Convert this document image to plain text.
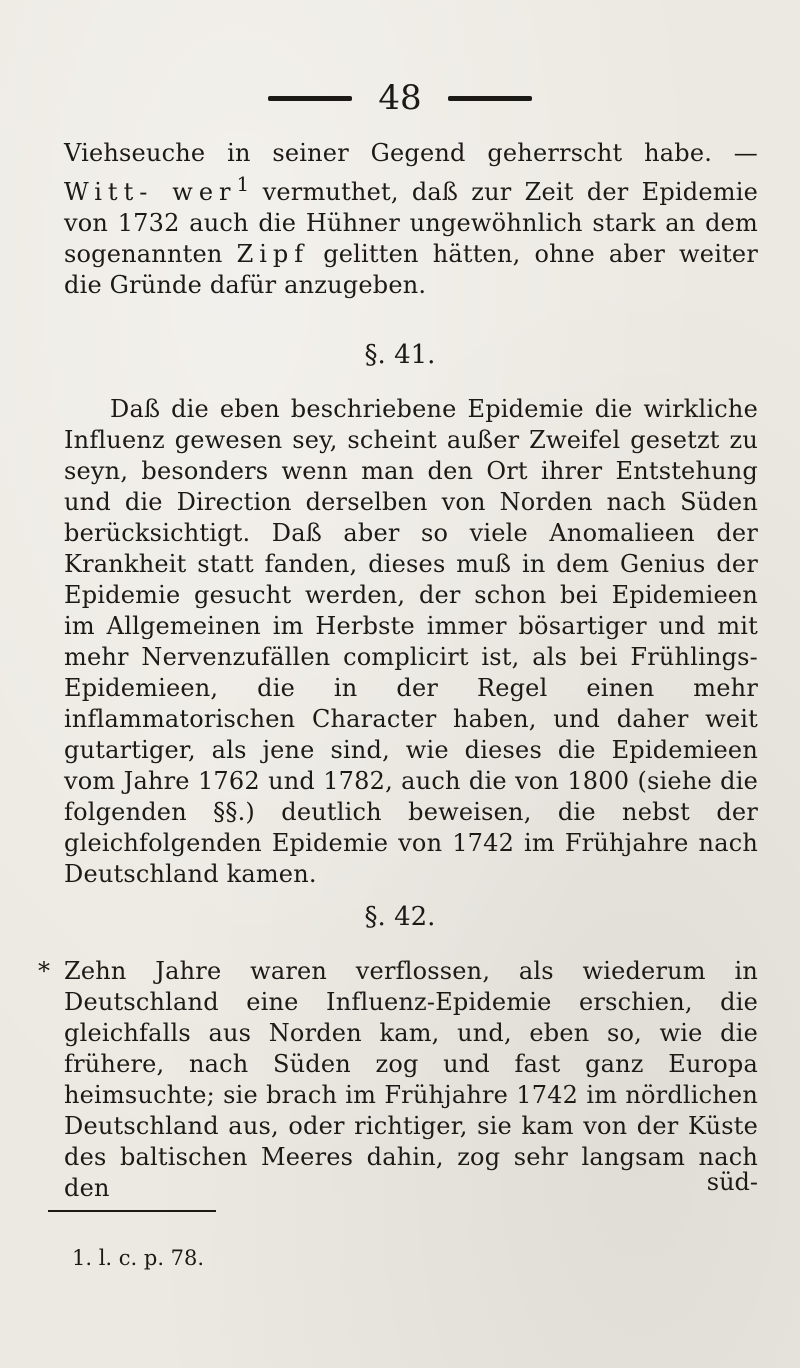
48

Viehseuche in seiner Gegend geherrscht habe. — Witt- wer$^1$ vermuthet, daß zur Zeit der Epidemie von 1732 auch die Hühner ungewöhnlich stark an dem sogenannten Zipf gelitten hätten, ohne aber weiter die Gründe dafür anzugeben.

§. 41.

Daß die eben beschriebene Epidemie die wirkliche Influenz gewesen sey, scheint außer Zweifel gesetzt zu seyn, besonders wenn man den Ort ihrer Entstehung und die Direction derselben von Norden nach Süden berücksichtigt. Daß aber so viele Anomalieen der Krankheit statt fanden, dieses muß in dem Genius der Epidemie gesucht werden, der schon bei Epidemieen im Allgemeinen im Herbste immer bösartiger und mit mehr Nervenzufällen complicirt ist, als bei Frühlings-Epidemieen, die in der Regel einen mehr inflammatorischen Character haben, und daher weit gutartiger, als jene sind, wie dieses die Epidemieen vom Jahre 1762 und 1782, auch die von 1800 (siehe die folgenden §§.) deutlich beweisen, die nebst der gleichfolgenden Epidemie von 1742 im Frühjahre nach Deutschland kamen.

§. 42.
* Zehn Jahre waren verflossen, als wiederum in Deutschland eine Influenz-Epidemie erschien, die gleichfalls aus Norden kam, und, eben so, wie die frühere, nach Süden zog und fast ganz Europa heimsuchte; sie brach im Frühjahre 1742 im nördlichen Deutschland aus, oder richtiger, sie kam von der Küste des baltischen Meeres dahin, zog sehr langsam nach den	süd-
1. l. c. p. 78.
